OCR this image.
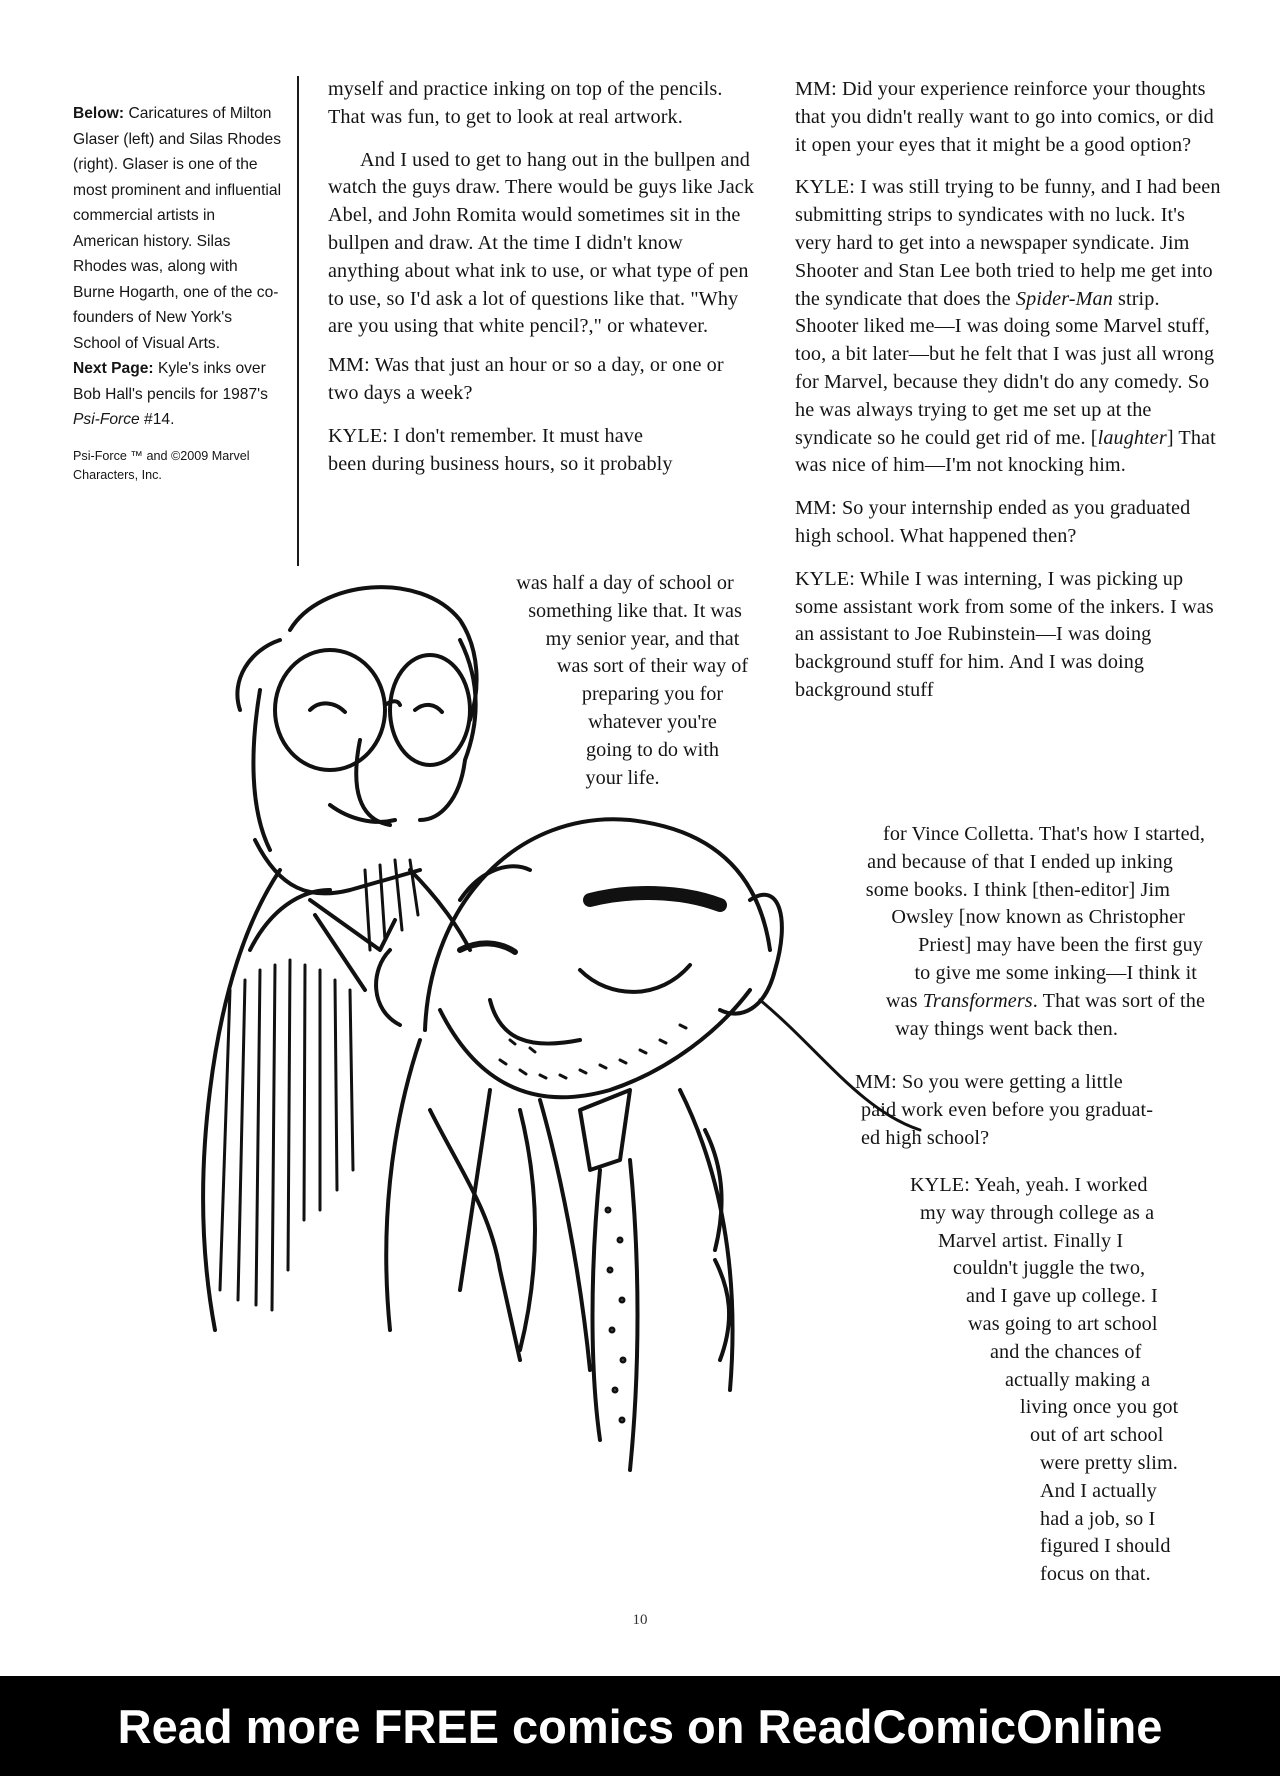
Below: Caricatures of Milton Glaser (left) and Silas Rhodes (right). Glaser is one of the most prominent and influential commercial artists in American history. Silas Rhodes was, along with Burne Hogarth, one of the co-founders of New York's School of Visual Arts.

Next Page: Kyle's inks over Bob Hall's pencils for 1987's Psi-Force #14.

Psi-Force ™ and ©2009 Marvel Characters, Inc.

myself and practice inking on top of the pencils. That was fun, to get to look at real artwork.

And I used to get to hang out in the bullpen and watch the guys draw. There would be guys like Jack Abel, and John Romita would sometimes sit in the bullpen and draw. At the time I didn't know anything about what ink to use, or what type of pen to use, so I'd ask a lot of questions like that. "Why are you using that white pencil?," or whatever.

MM: Was that just an hour or so a day, or one or two days a week?

KYLE: I don't remember. It must have
been during business hours, so it probably

was half a day of school or
something like that. It was
my senior year, and that
was sort of their way of
preparing you for
whatever you're
going to do with
your life.

MM: Did your experience reinforce your thoughts that you didn't really want to go into comics, or did it open your eyes that it might be a good option?

KYLE: I was still trying to be funny, and I had been submitting strips to syndicates with no luck. It's very hard to get into a newspaper syndicate. Jim Shooter and Stan Lee both tried to help me get into the syndicate that does the Spider-Man strip. Shooter liked me—I was doing some Marvel stuff, too, a bit later—but he felt that I was just all wrong for Marvel, because they didn't do any comedy. So he was always trying to get me set up at the syndicate so he could get rid of me. [laughter] That was nice of him—I'm not knocking him.

MM: So your internship ended as you graduated high school. What happened then?

KYLE: While I was interning, I was picking up some assistant work from some of the inkers. I was an assistant to Joe Rubinstein—I was doing background stuff for him. And I was doing background stuff

for Vince Colletta. That's how I started,
and because of that I ended up inking
some books. I think [then-editor] Jim
Owsley [now known as Christopher
Priest] may have been the first guy
to give me some inking—I think it
was Transformers. That was sort of the
way things went back then.
MM: So you were getting a little
paid work even before you graduat-
ed high school?
KYLE: Yeah, yeah. I worked
my way through college as a
Marvel artist. Finally I
couldn't juggle the two,
and I gave up college. I
was going to art school
and the chances of
actually making a
living once you got
out of art school
were pretty slim.
And I actually
had a job, so I
figured I should
focus on that.
10
Read more FREE comics on ReadComicOnline
